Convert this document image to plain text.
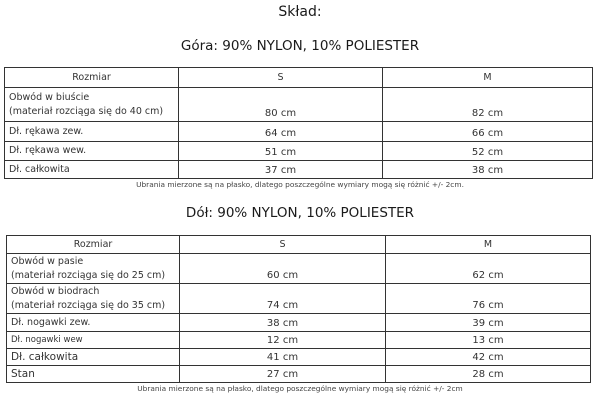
Skład:
Góra: 90% NYLON, 10% POLIESTER
Rozmiar	S	M

Obwód w biuście
(materiał rozciąga się do 40 cm)	80 cm	82 cm
Dł. rękawa zew.	64 cm	66 cm
Dł. rękawa wew.	51 cm	52 cm
Dł. całkowita	37 cm	38 cm
Ubrania mierzone są na płasko, dlatego poszczególne wymiary mogą się różnić +/- 2cm.
Dół: 90% NYLON, 10% POLIESTER
Rozmiar	S	M

Obwód w pasie
(materiał rozciąga się do 25 cm)	60 cm	62 cm

Obwód w biodrach
(materiał rozciąga się do 35 cm)	74 cm	76 cm
Dł. nogawki zew.	38 cm	39 cm
Dł. nogawki wew	12 cm	13 cm
Dł. całkowita	41 cm	42 cm
Stan	27 cm	28 cm
Ubrania mierzone są na płasko, dlatego poszczególne wymiary mogą się różnić +/- 2cm
